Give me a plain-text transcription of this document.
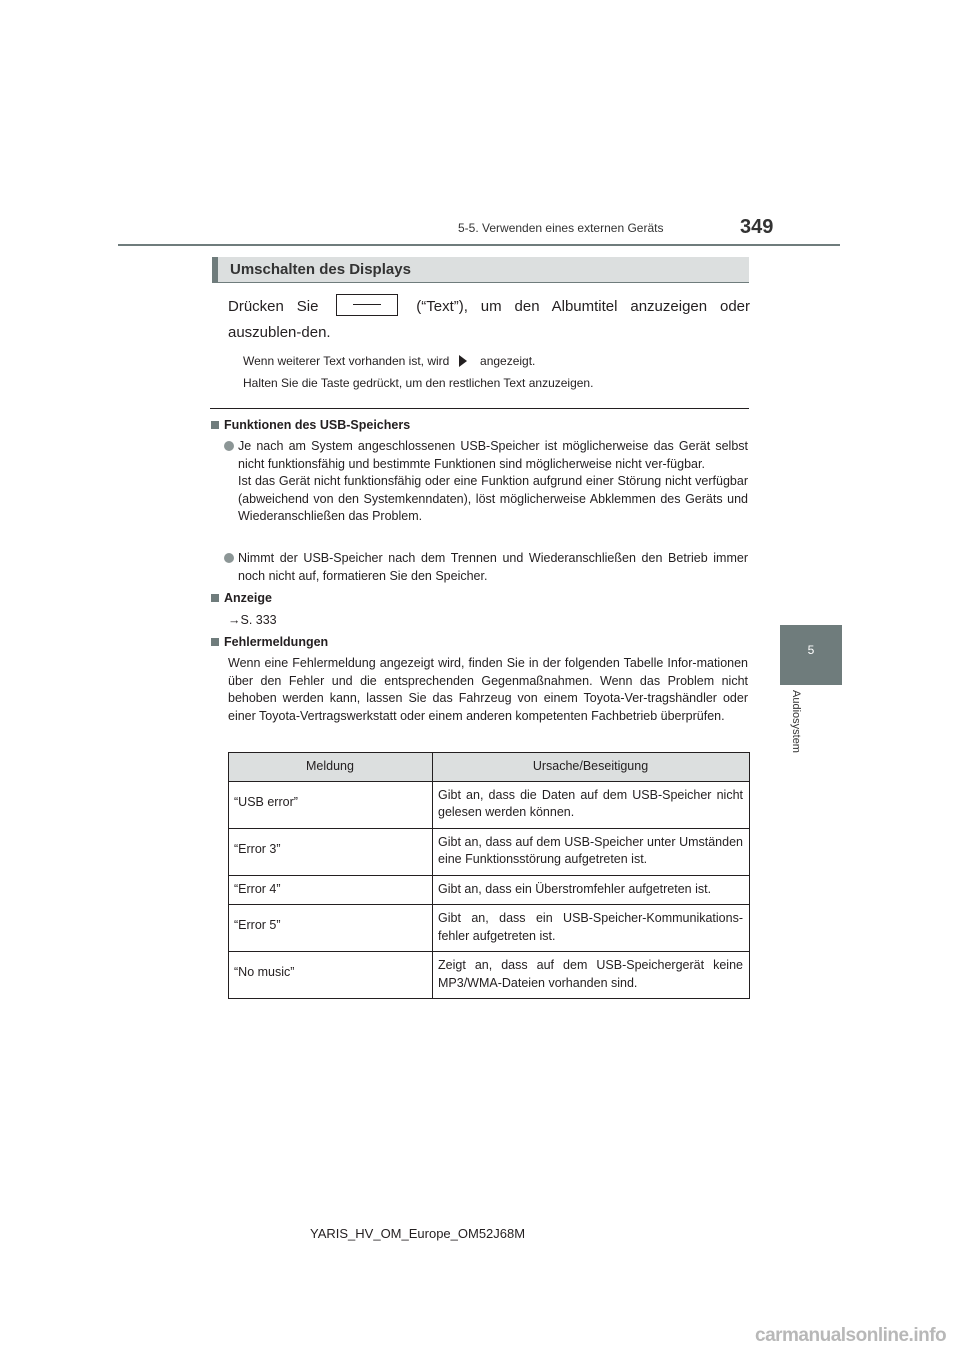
5-5. Verwenden eines externen Geräts	349
5
Audiosystem
Umschalten des Displays
Drücken Sie	(“Text”), um den Albumtitel anzuzeigen oder auszublen-den.
Wenn weiterer Text vorhanden ist, wird	angezeigt.
Halten Sie die Taste gedrückt, um den restlichen Text anzuzeigen.
Funktionen des USB-Speichers
Je nach am System angeschlossenen USB-Speicher ist möglicherweise das Gerät selbst nicht funktionsfähig und bestimmte Funktionen sind möglicherweise nicht ver-fügbar.
Ist das Gerät nicht funktionsfähig oder eine Funktion aufgrund einer Störung nicht verfügbar (abweichend von den Systemkenndaten), löst möglicherweise Abklemmen des Geräts und Wiederanschließen das Problem.
Nimmt der USB-Speicher nach dem Trennen und Wiederanschließen den Betrieb immer noch nicht auf, formatieren Sie den Speicher.
Anzeige
→S. 333
Fehlermeldungen
Wenn eine Fehlermeldung angezeigt wird, finden Sie in der folgenden Tabelle Infor-mationen über den Fehler und die entsprechenden Gegenmaßnahmen. Wenn das Problem nicht behoben werden kann, lassen Sie das Fahrzeug von einem Toyota-Ver-tragshändler oder einer Toyota-Vertragswerkstatt oder einem anderen kompetenten Fachbetrieb überprüfen.
Meldung	Ursache/Beseitigung
“USB error”	Gibt an, dass die Daten auf dem USB-Speicher nicht gelesen werden können.
“Error 3”	Gibt an, dass auf dem USB-Speicher unter Umständen eine Funktionsstörung aufgetreten ist.
“Error 4”	Gibt an, dass ein Überstromfehler aufgetreten ist.
“Error 5”	Gibt an, dass ein USB-Speicher-Kommunikations-fehler aufgetreten ist.
“No music”	Zeigt an, dass auf dem USB-Speichergerät keine MP3/WMA-Dateien vorhanden sind.
YARIS_HV_OM_Europe_OM52J68M
carmanualsonline.info
